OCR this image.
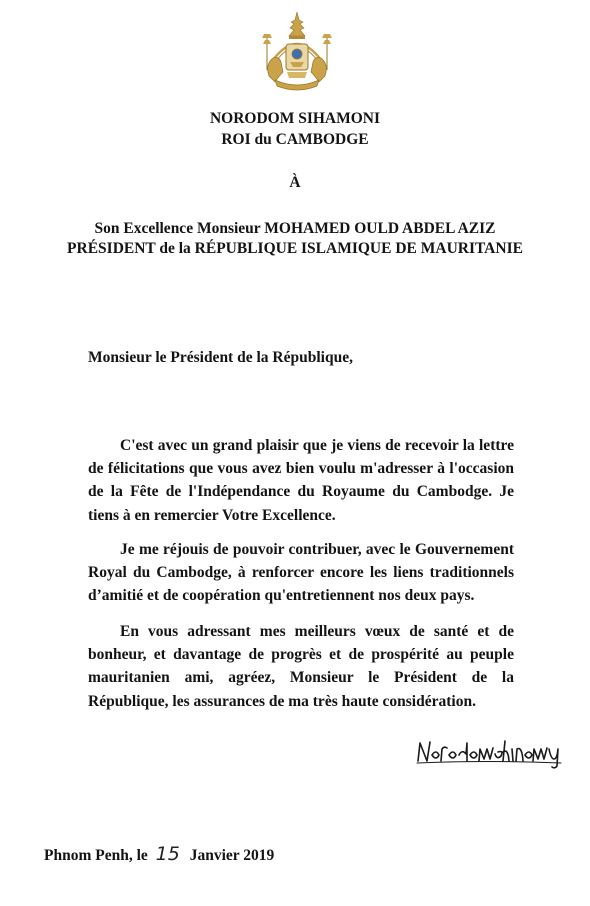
NORODOM SIHAMONI
ROI du CAMBODGE
À
Son Excellence Monsieur MOHAMED OULD ABDEL AZIZ
PRÉSIDENT de la RÉPUBLIQUE ISLAMIQUE DE MAURITANIE
Monsieur le Président de la République,

C'est avec un grand plaisir que je viens de recevoir la lettre de félicitations que vous avez bien voulu m'adresser à l'occasion de la Fête de l'Indépendance du Royaume du Cambodge. Je tiens à en remercier Votre Excellence.

Je me réjouis de pouvoir contribuer, avec le Gouvernement Royal du Cambodge, à renforcer encore les liens traditionnels d’amitié et de coopération qu'entretiennent nos deux pays.

En vous adressant mes meilleurs vœux de santé et de bonheur, et davantage de progrès et de prospérité au peuple mauritanien ami, agréez, Monsieur le Président de la République, les assurances de ma très haute considération.

Phnom Penh, le 15 Janvier 2019
